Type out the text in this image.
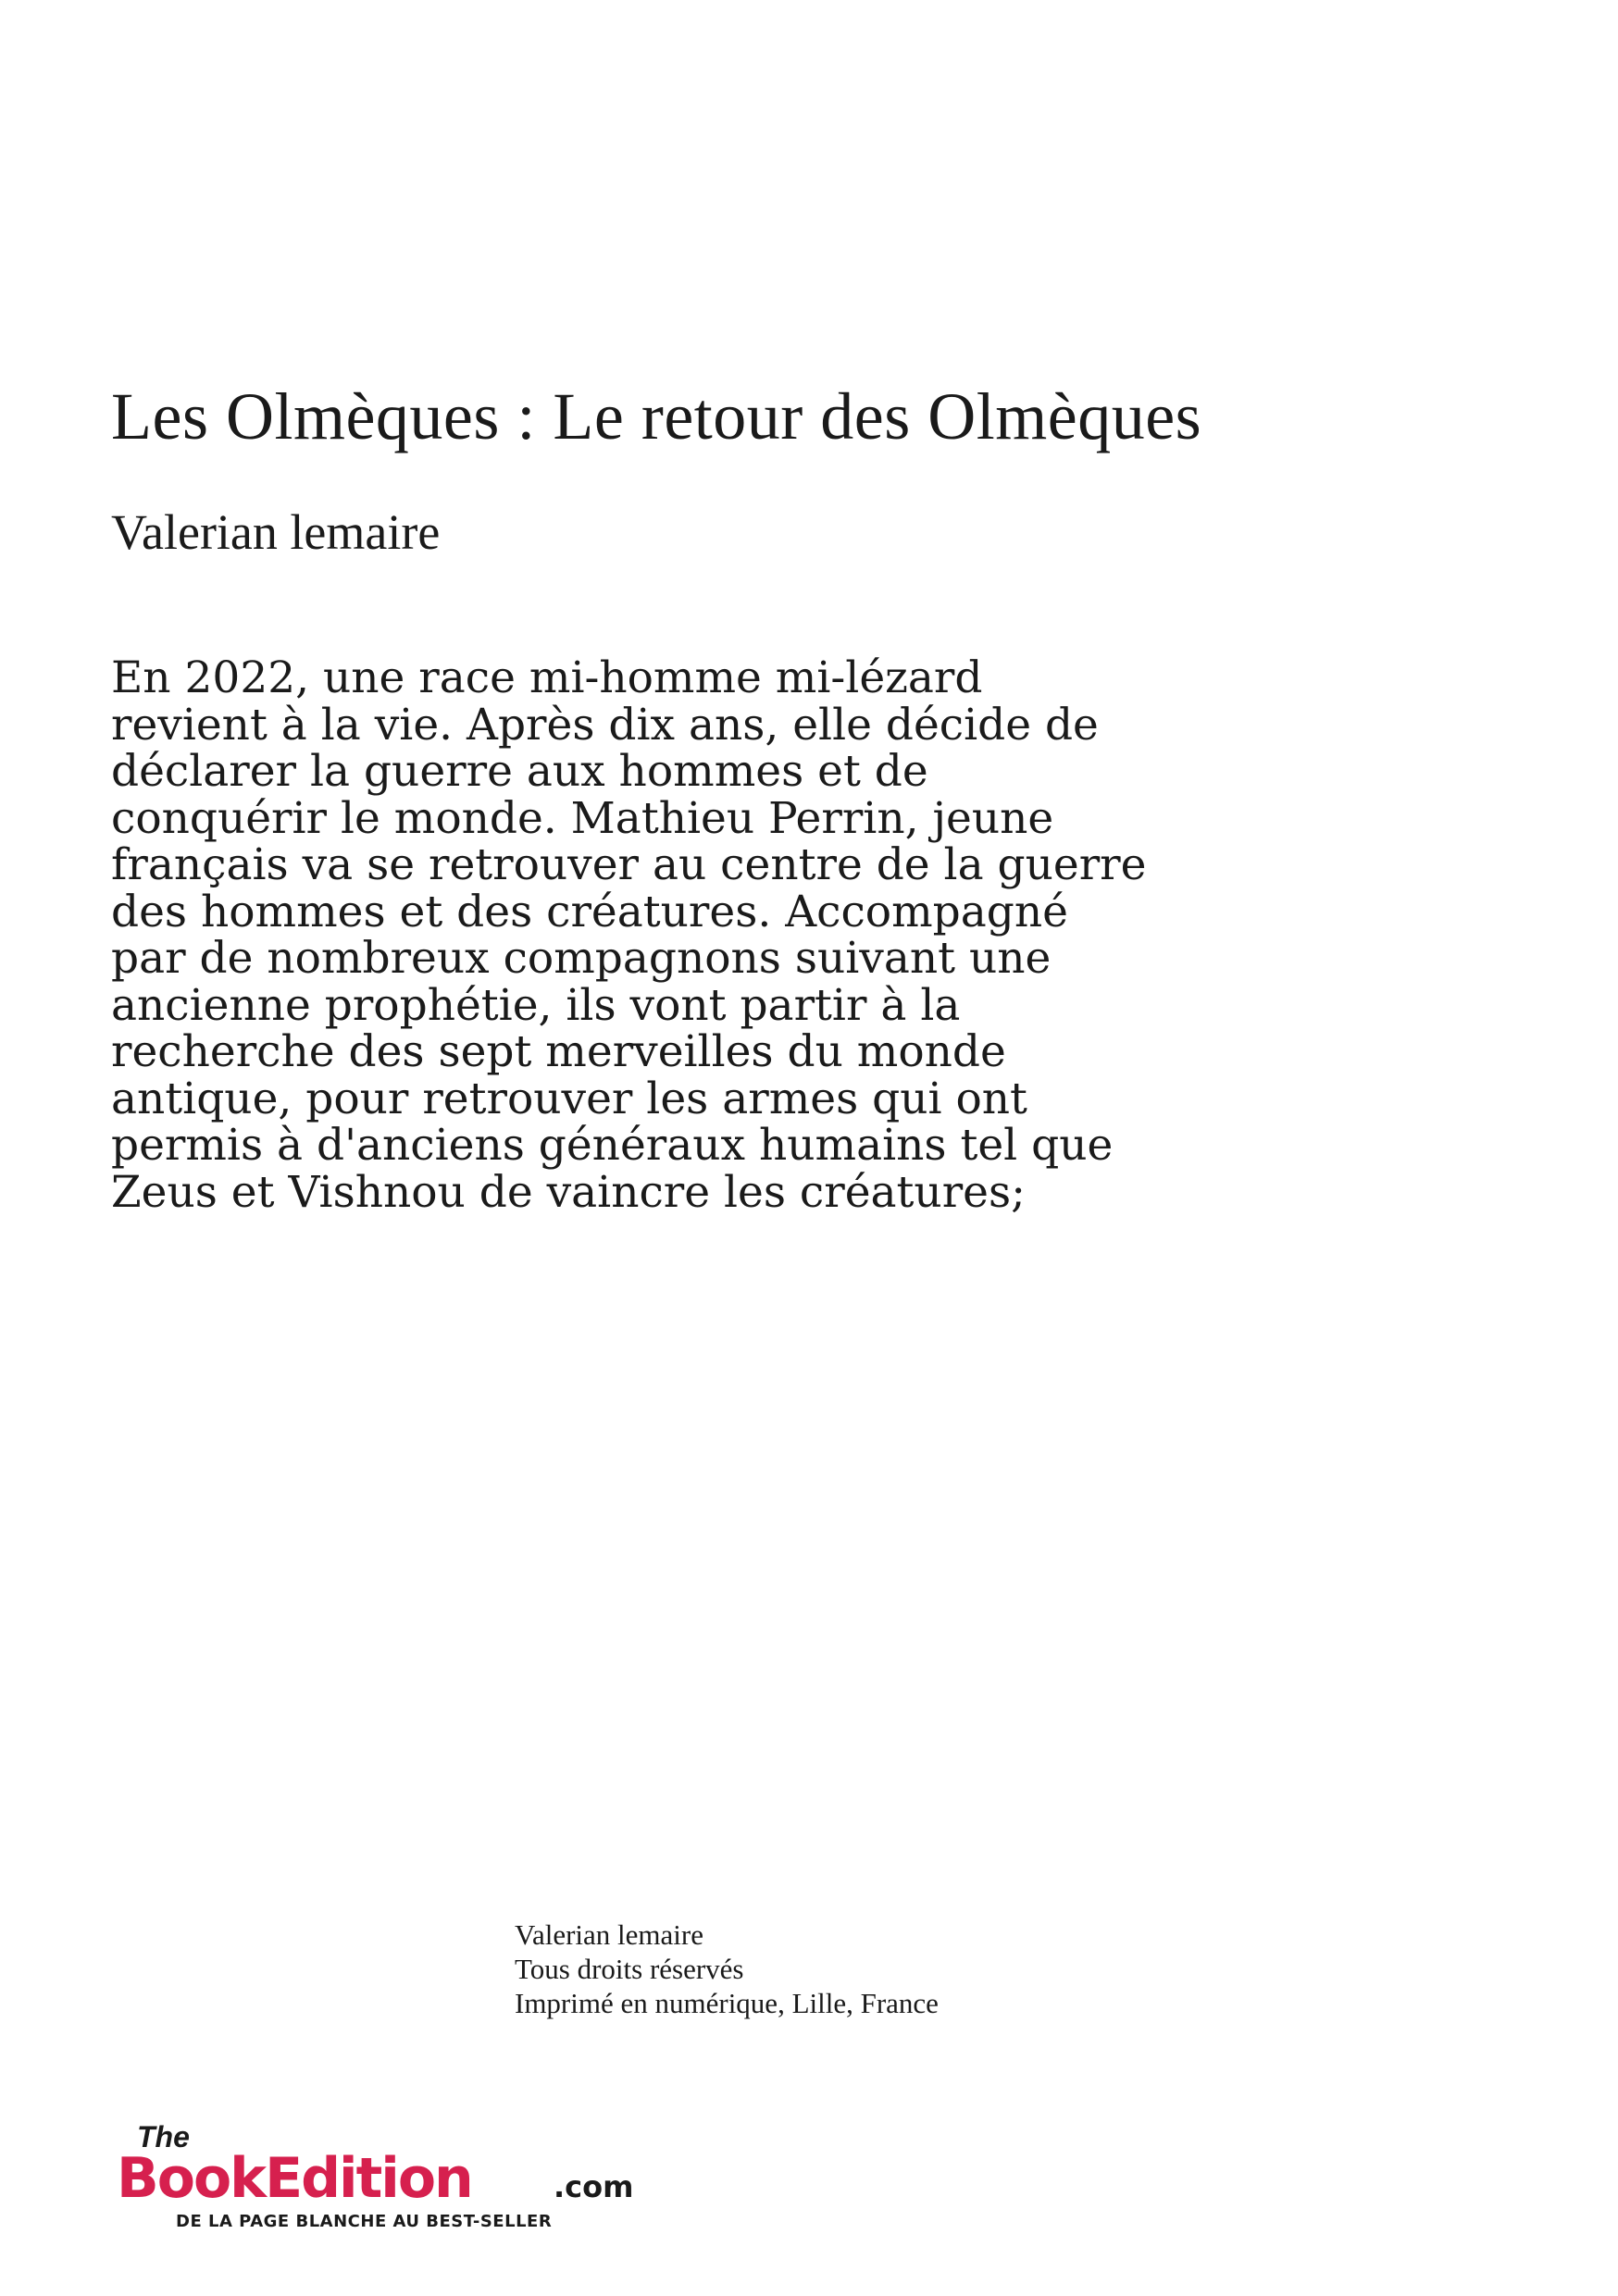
Les Olmèques : Le retour des Olmèques

Valerian lemaire

En 2022, une race mi-homme mi-lézard
revient à la vie. Après dix ans, elle décide de
déclarer la guerre aux hommes et de
conquérir le monde. Mathieu Perrin, jeune
français va se retrouver au centre de la guerre
des hommes et des créatures. Accompagné
par de nombreux compagnons suivant une
ancienne prophétie, ils vont partir à la
recherche des sept merveilles du monde
antique, pour retrouver les armes qui ont
permis à d'anciens généraux humains tel que
Zeus et Vishnou de vaincre les créatures;

Valerian lemaire
Tous droits réservés
Imprimé en numérique, Lille, France
The
BookEdition	.com
DE LA PAGE BLANCHE AU BEST-SELLER
